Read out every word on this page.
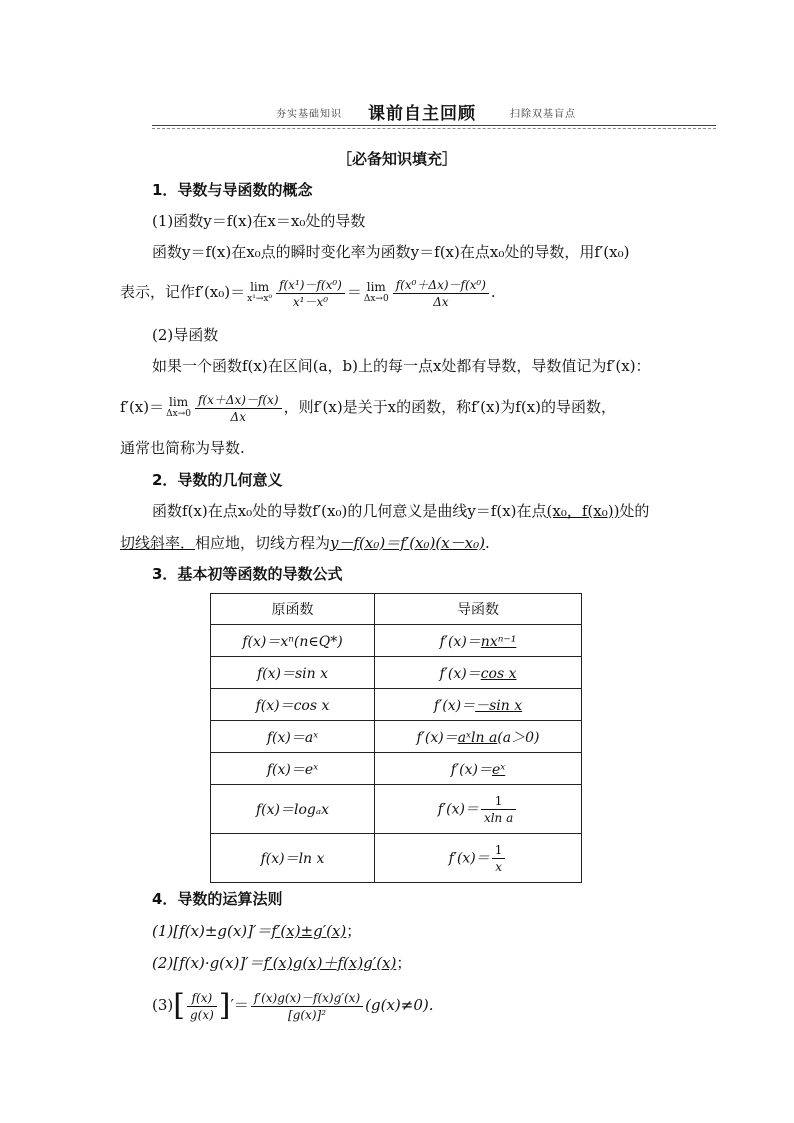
夯实基础知识 课前自主回顾	扫除双基盲点
［必备知识填充］
1．导数与导函数的概念
(1)函数y＝f(x)在x＝x₀处的导数
函数y＝f(x)在x₀点的瞬时变化率为函数y＝f(x)在点x₀处的导数，用f′(x₀)
表示，记作f′(x₀)＝ lim
$x^1\to x^0 \frac{\text{f(x¹)－f(x⁰)}}{\text{x¹－x⁰}} = \lim$
$\Delta x\to 0 \frac{\text{f(x⁰＋Δx)－f(x⁰)}}{\Delta x}$ .
(2)导函数
如果一个函数f(x)在区间(a，b)上的每一点x处都有导数，导数值记为f′(x)：
f′(x)＝ lim
$\Delta x\to 0 \frac{f(x+\Delta x)-f(x)}{\Delta x}$ ，则f′(x)是关于x的函数，称f′(x)为f(x)的导函数，
通常也简称为导数.
2．导数的几何意义
函数f(x)在点x₀处的导数f′(x₀)的几何意义是曲线y＝f(x)在点(x₀，f(x₀))处的
切线斜率．相应地，切线方程为y－f(x₀)＝f′(x₀)(x－x₀).
3．基本初等函数的导数公式
原函数	导函数
f(x)＝xⁿ(n∈Q*)	f′(x)＝nxⁿ⁻¹
f(x)＝sin x	f′(x)＝cos x
f(x)＝cos x	f′(x)＝－sin x
f(x)＝aˣ	f′(x)＝aˣln a(a＞0)
f(x)＝eˣ	f′(x)＝eˣ
f(x)＝logₐx	$f'(x)= \frac{1}{\text{xln a}}$

f(x)＝ln x	$f'(x)= \frac{1}{x}$
4．导数的运算法则
(1)[f(x)±g(x)]′＝f′(x)±g′(x)；
(2)[f(x)·g(x)]′＝f′(x)g(x)＋f(x)g′(x)；
$(3)[ \frac{f(x)}{g(x)}$ ]′＝ $\frac{f'(x)g(x)-f(x)g'(x)}{\text{[g(x)]²}} (g(x)\ne 0)$.
